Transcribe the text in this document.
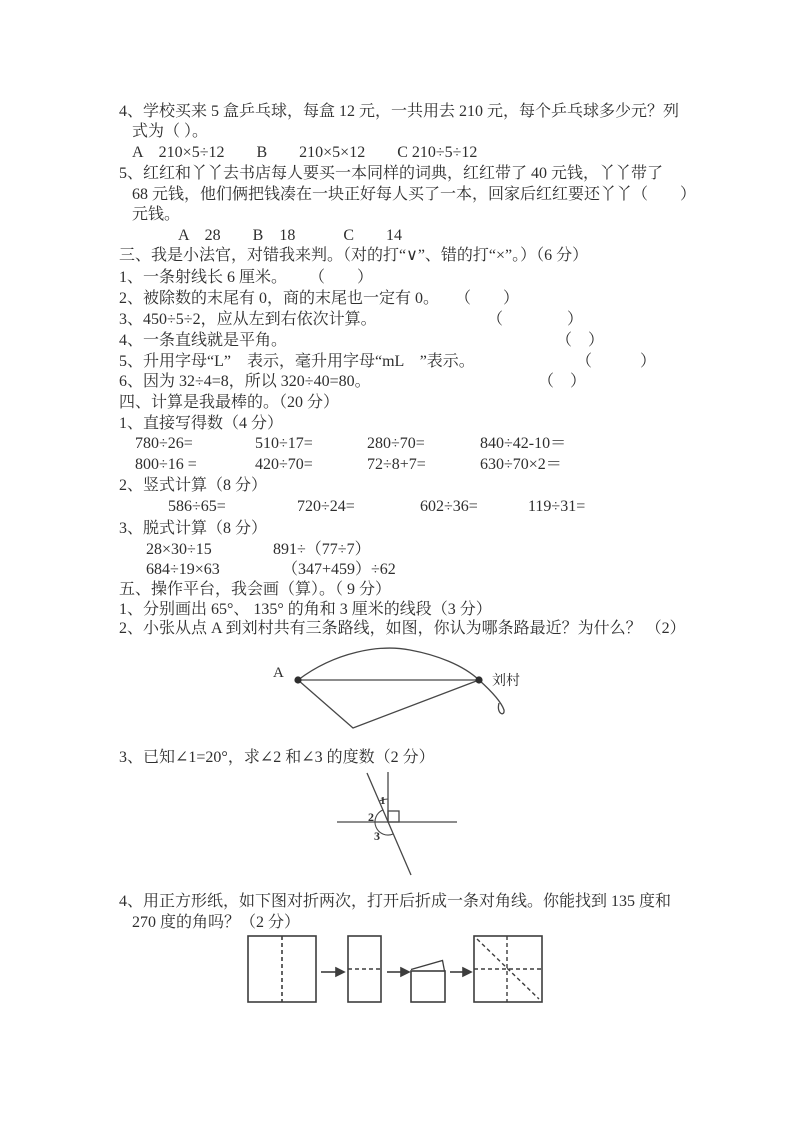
4、学校买来 5 盒乒乓球，每盒 12 元，一共用去 210 元，每个乒乓球多少元？列
式为（ ）。
A　210×5÷12　　B　　210×5×12　　C 210÷5÷12
5、红红和丫丫去书店每人要买一本同样的词典，红红带了 40 元钱，丫丫带了
68 元钱，他们俩把钱凑在一块正好每人买了一本，回家后红红要还丫丫（　　）
元钱。
A　28　　B　18　　　C　　14
三、我是小法官，对错我来判。（对的打“∨”、错的打“×”。）（6 分）
1、一条射线长 6 厘米。 （　　）
2、被除数的末尾有 0，商的末尾也一定有 0。 （　　）
3、450÷5÷2，应从左到右依次计算。	（　　　　）
4、一条直线就是平角。	（　）
5、升用字母“L”　表示，毫升用字母“mL　”表示。	（　　　）
6、因为 32÷4=8，所以 320÷40=80。	（　）
四、计算是我最棒的。（20 分）
1、直接写得数（4 分）
780÷26=	510÷17=	280÷70=	840÷42-10＝
800÷16 =	420÷70=	72÷8+7=	630÷70×2＝
2、竖式计算（8 分）
586÷65=	720÷24=	602÷36=	119÷31=
3、脱式计算（8 分）
28×30÷15	891÷（77÷7）
684÷19×63	（347+459）÷62
五、操作平台，我会画（算）。（ 9 分）
1、分别画出 65°、 135° 的角和 3 厘米的线段（3 分）
2、小张从点 A 到刘村共有三条路线，如图，你认为哪条路最近？为什么？ （2）
A
刘村
3、已知∠1=20°，求∠2 和∠3 的度数（2 分）
1
2
3
4、用正方形纸，如下图对折两次，打开后折成一条对角线。你能找到 135 度和
270 度的角吗？（2 分）
